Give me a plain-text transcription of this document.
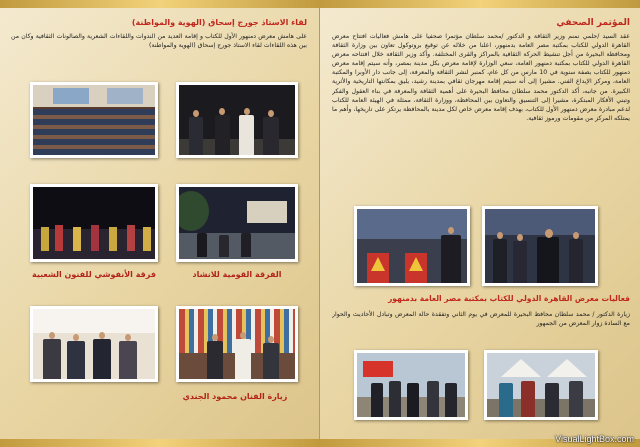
لقاء الاستاذ جورج إسحاق (الهوية والمواطنة)
على هامش معرض دمنهور الأول للكتاب و إقامة العديد من الندوات واللقاءات الشعرية والصالونات الثقافية وكان من بين هذه اللقاءات لقاء الاستاذ جورج إسحاق (الهوية والمواطنة)
فرقة الأنفوشي للفنون الشعبية	الفرقة القومية للانشاد
زيارة الفنان محمود الجندي
المؤتمر الصحفي
عقد السيد /حلمي نمنم وزير الثقافة و الدكتور /محمد سلطان مؤتمرا صحفيا على هامش فعاليات افتتاح معرض القاهرة الدولي للكتاب بمكتبة مصر العامة بدمنهور، اعلنا من خلاله عن توقيع بروتوكول تعاون بين وزارة الثقافة ومحافظة البحيرة من أجل تنشيط الحركة الثقافية بالمراكز والقرى المختلفة. وأكد وزير الثقافة خلال افتتاحه معرض القاهرة الدولي للكتاب بمكتبة دمنهور العامة، سعي الوزارة لإقامة معرض بكل مدينة بمصر، وأنه سيتم إقامة معرض دمنهور للكتاب بصفة سنوية في 10 مارس من كل عام، كمنبر لنشر الثقافة والمعرفة، إلى جانب دار الأوبرا والمكتبة العامة، ومركز الإبداع الفني. مشيرا إلى أنه سيتم إقامة مهرجان ثقافي بمدينة رشيد، يليق بمكانتها التاريخية والأثرية الكبيرة. من جانبه، أكد الدكتور محمد سلطان محافظ البحيرة على أهمية الثقافة والمعرفة في بناء العقول والفكر وتبني الأفكار المبتكرة، مشيرا إلى التنسيق والتعاون بين المحافظة، ووزارة الثقافة، ممثلة في الهيئة العامة للكتاب لدعم مبادرة معرض دمنهور الأول للكتاب، بهدف إقامة معرض خاص لكل مدينة بالمحافظة يرتكز على تاريخها، وأهم ما يمتلكه المركز من مقومات ورموز ثقافية.
فعاليات معرض القاهرة الدولي للكتاب بمكتبة مصر العامة بدمنهور
زيارة الدكتور / محمد سلطان محافظ البحيرة للمعرض في يوم الثاني وتفقدة حالة المعرض وتبادل الأحاديث والحوار مع السادة زوار المعرض من الجمهور
VisualLightBox.com
